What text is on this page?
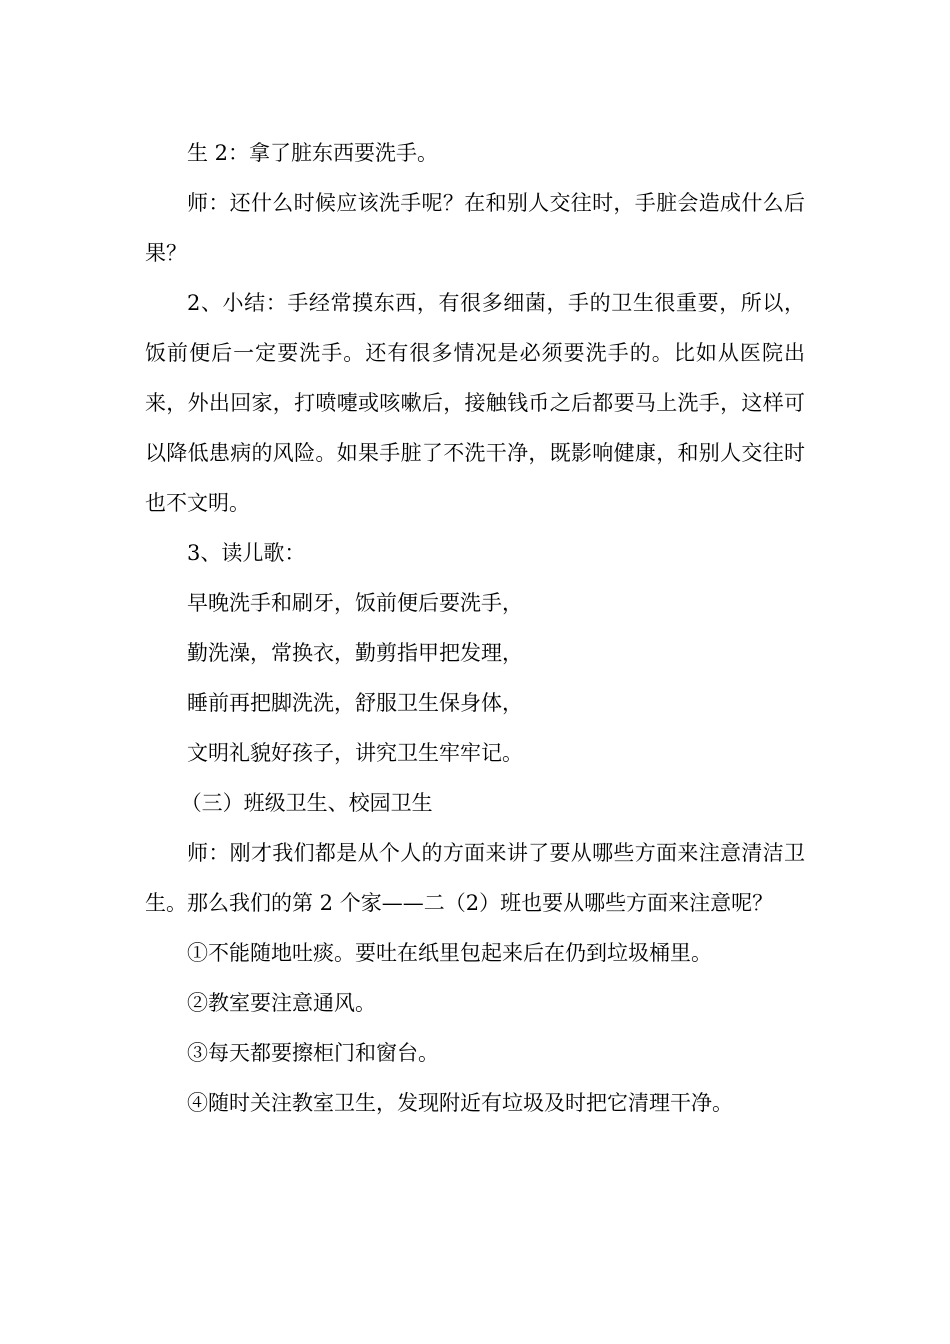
生 2：拿了脏东西要洗手。

师：还什么时候应该洗手呢？在和别人交往时，手脏会造成什么后果？

2、小结：手经常摸东西，有很多细菌，手的卫生很重要，所以，饭前便后一定要洗手。还有很多情况是必须要洗手的。比如从医院出来，外出回家，打喷嚏或咳嗽后，接触钱币之后都要马上洗手，这样可以降低患病的风险。如果手脏了不洗干净，既影响健康，和别人交往时也不文明。

3、读儿歌：

早晚洗手和刷牙，饭前便后要洗手，

勤洗澡，常换衣，勤剪指甲把发理，

睡前再把脚洗洗，舒服卫生保身体，

文明礼貌好孩子，讲究卫生牢牢记。

（三）班级卫生、校园卫生

师：刚才我们都是从个人的方面来讲了要从哪些方面来注意清洁卫生。那么我们的第 2 个家——二（2）班也要从哪些方面来注意呢？

①不能随地吐痰。要吐在纸里包起来后在仍到垃圾桶里。

②教室要注意通风。

③每天都要擦柜门和窗台。

④随时关注教室卫生，发现附近有垃圾及时把它清理干净。
